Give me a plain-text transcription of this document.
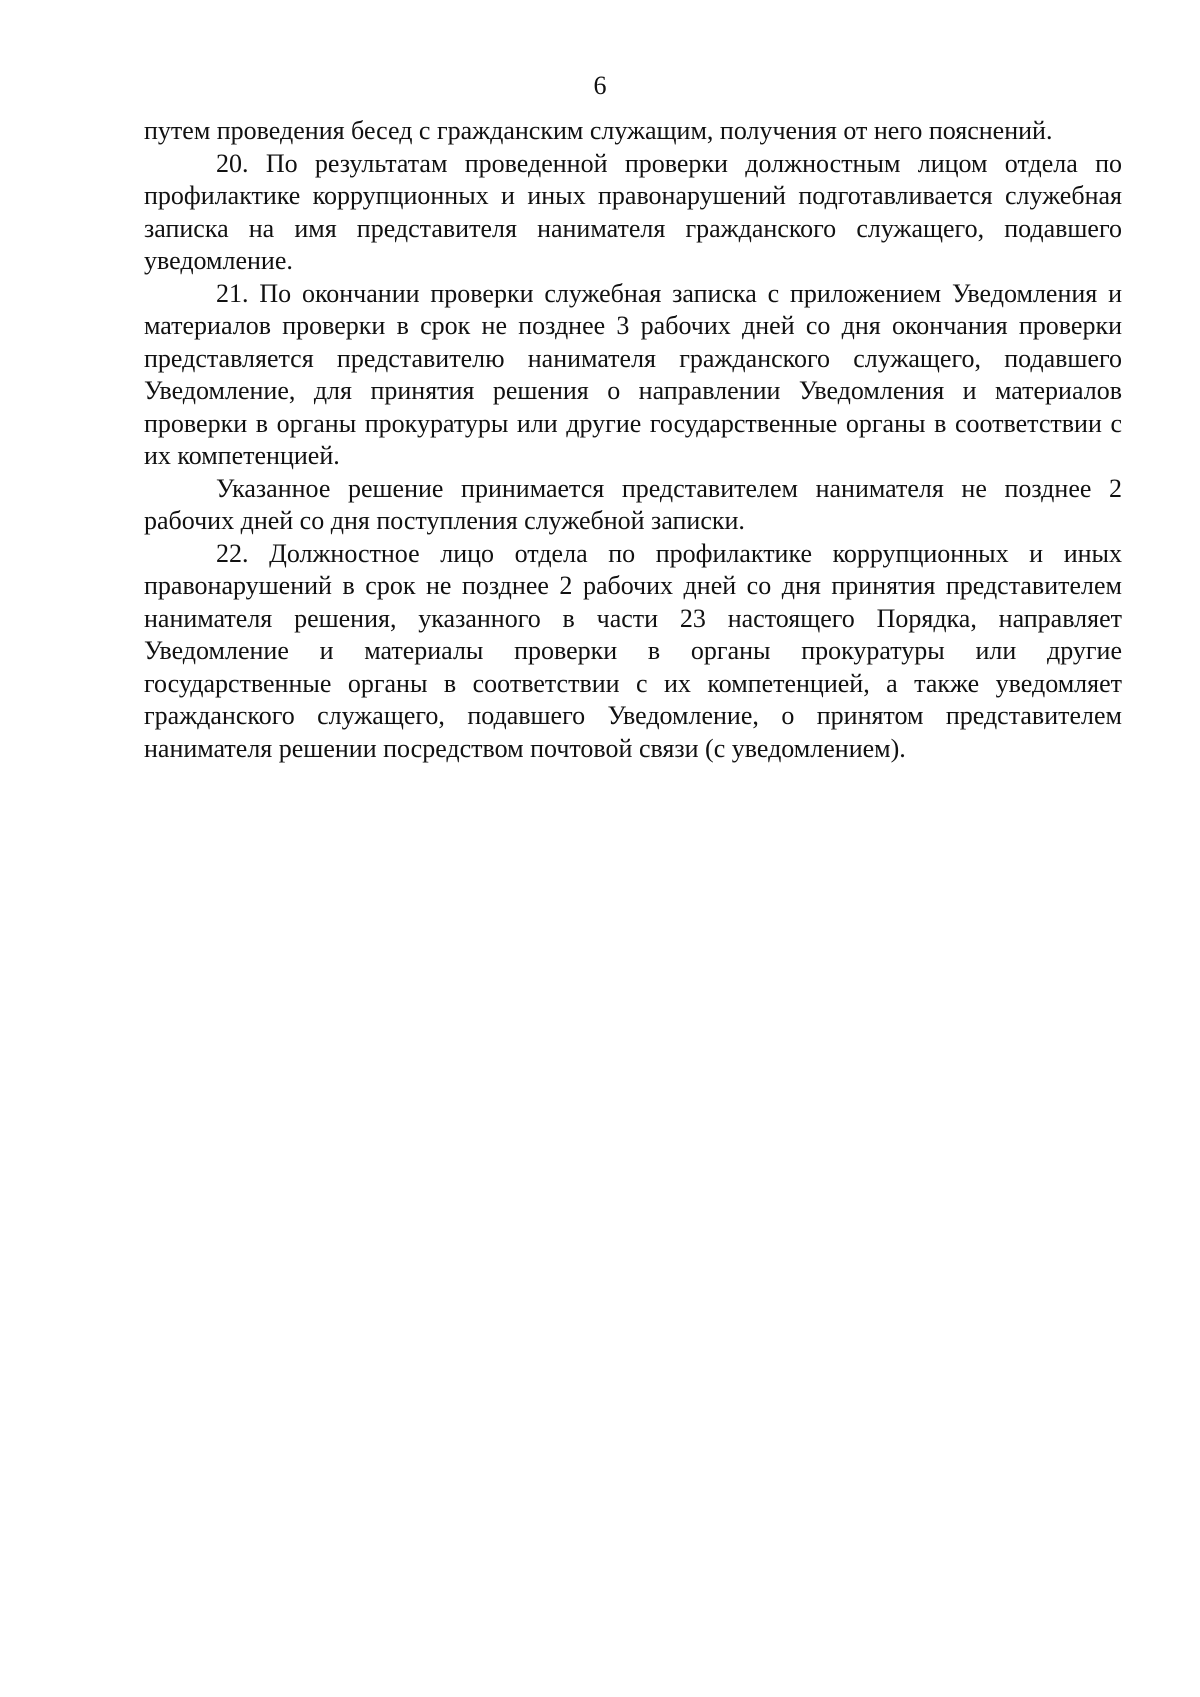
6

путем проведения бесед с гражданским служащим, получения от него пояснений.

20. По результатам проведенной проверки должностным лицом отдела по профилактике коррупционных и иных правонарушений подготавливается служебная записка на имя представителя нанимателя гражданского служащего, подавшего уведомление.

21. По окончании проверки служебная записка с приложением Уведомления и материалов проверки в срок не позднее 3 рабочих дней со дня окончания проверки представляется представителю нанимателя гражданского служащего, подавшего Уведомление, для принятия решения о направлении Уведомления и материалов проверки в органы прокуратуры или другие государственные органы в соответствии с их компетенцией.

Указанное решение принимается представителем нанимателя не позднее 2 рабочих дней со дня поступления служебной записки.

22. Должностное лицо отдела по профилактике коррупционных и иных правонарушений в срок не позднее 2 рабочих дней со дня принятия представителем нанимателя решения, указанного в части 23 настоящего Порядка, направляет Уведомление и материалы проверки в органы прокуратуры или другие государственные органы в соответствии с их компетенцией, а также уведомляет гражданского служащего, подавшего Уведомление, о принятом представителем нанимателя решении посредством почтовой связи (с уведомлением).
